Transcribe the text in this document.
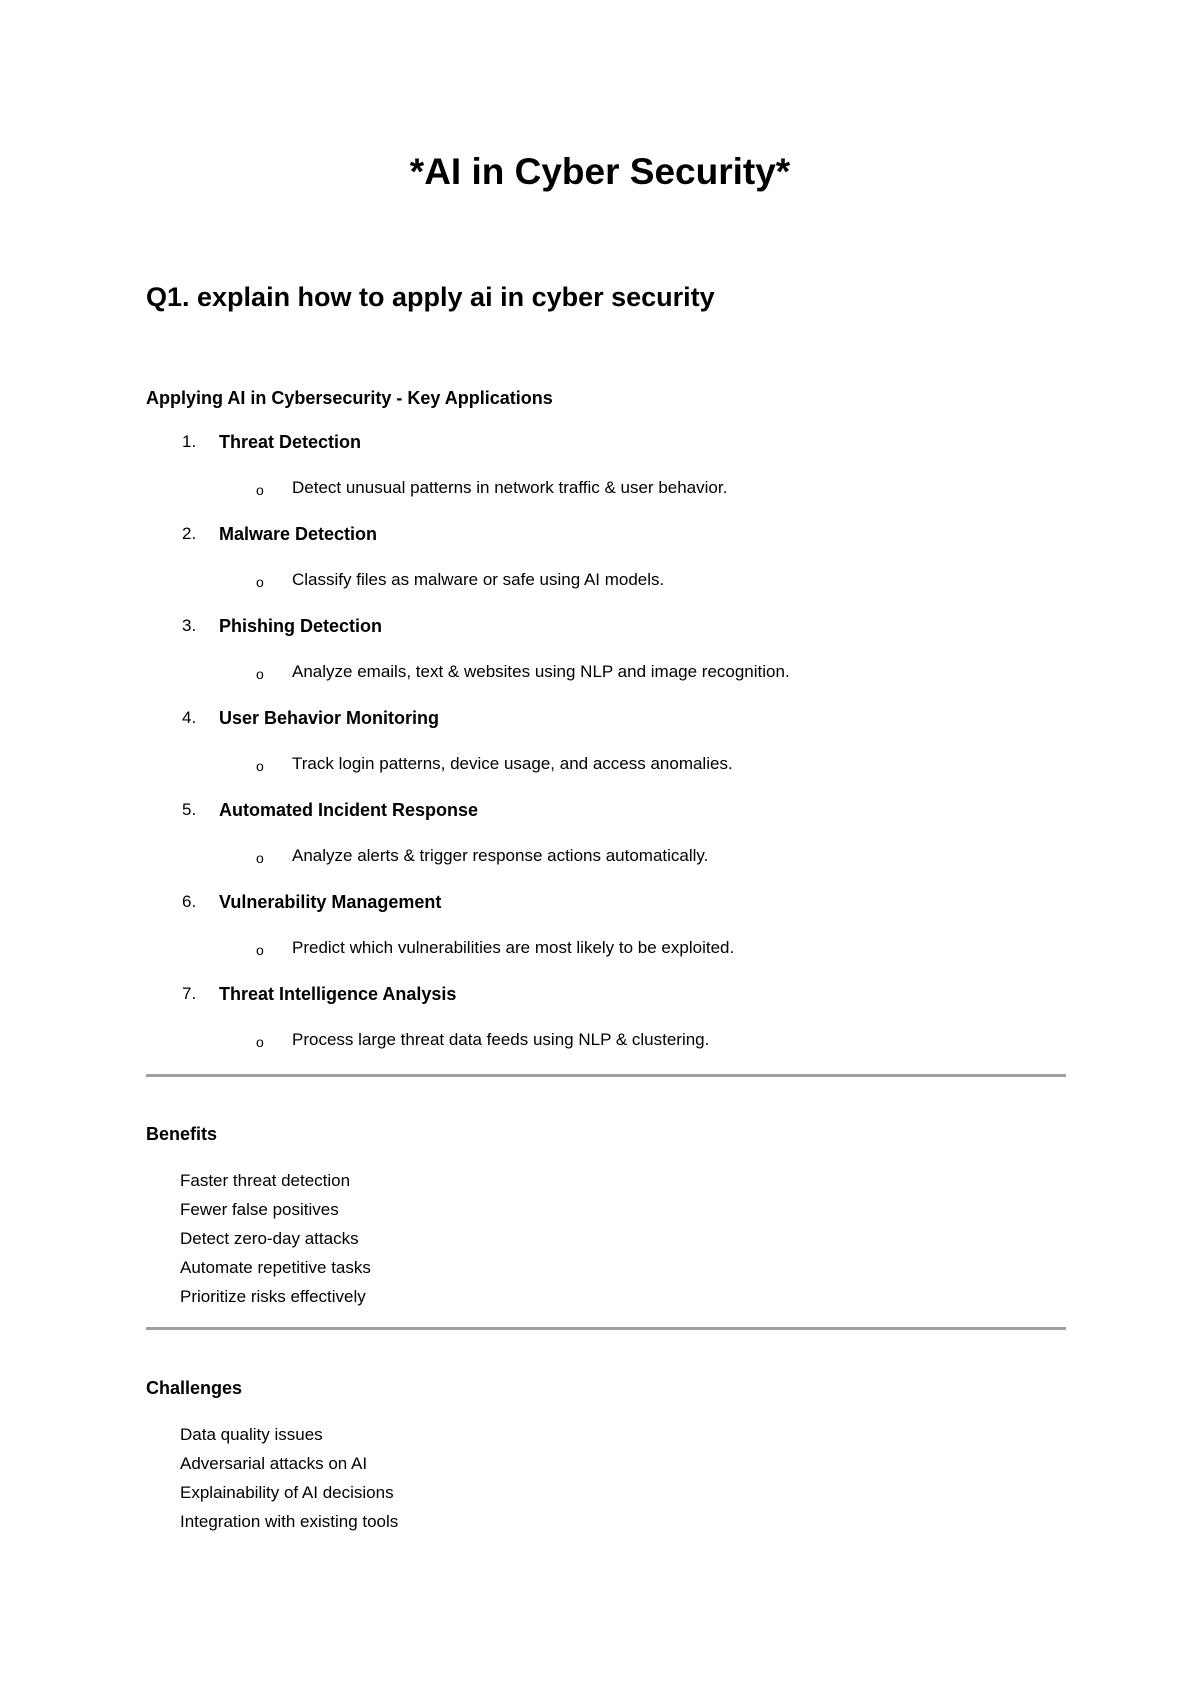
*AI in Cyber Security*
Q1. explain how to apply ai in cyber security
Applying AI in Cybersecurity - Key Applications
1. Threat Detection
o Detect unusual patterns in network traffic & user behavior.
2. Malware Detection
o Classify files as malware or safe using AI models.
3. Phishing Detection
o Analyze emails, text & websites using NLP and image recognition.
4. User Behavior Monitoring
o Track login patterns, device usage, and access anomalies.
5. Automated Incident Response
o Analyze alerts & trigger response actions automatically.
6. Vulnerability Management
o Predict which vulnerabilities are most likely to be exploited.
7. Threat Intelligence Analysis
o Process large threat data feeds using NLP & clustering.
Benefits
Faster threat detection
Fewer false positives
Detect zero-day attacks
Automate repetitive tasks
Prioritize risks effectively
Challenges
Data quality issues
Adversarial attacks on AI
Explainability of AI decisions
Integration with existing tools
